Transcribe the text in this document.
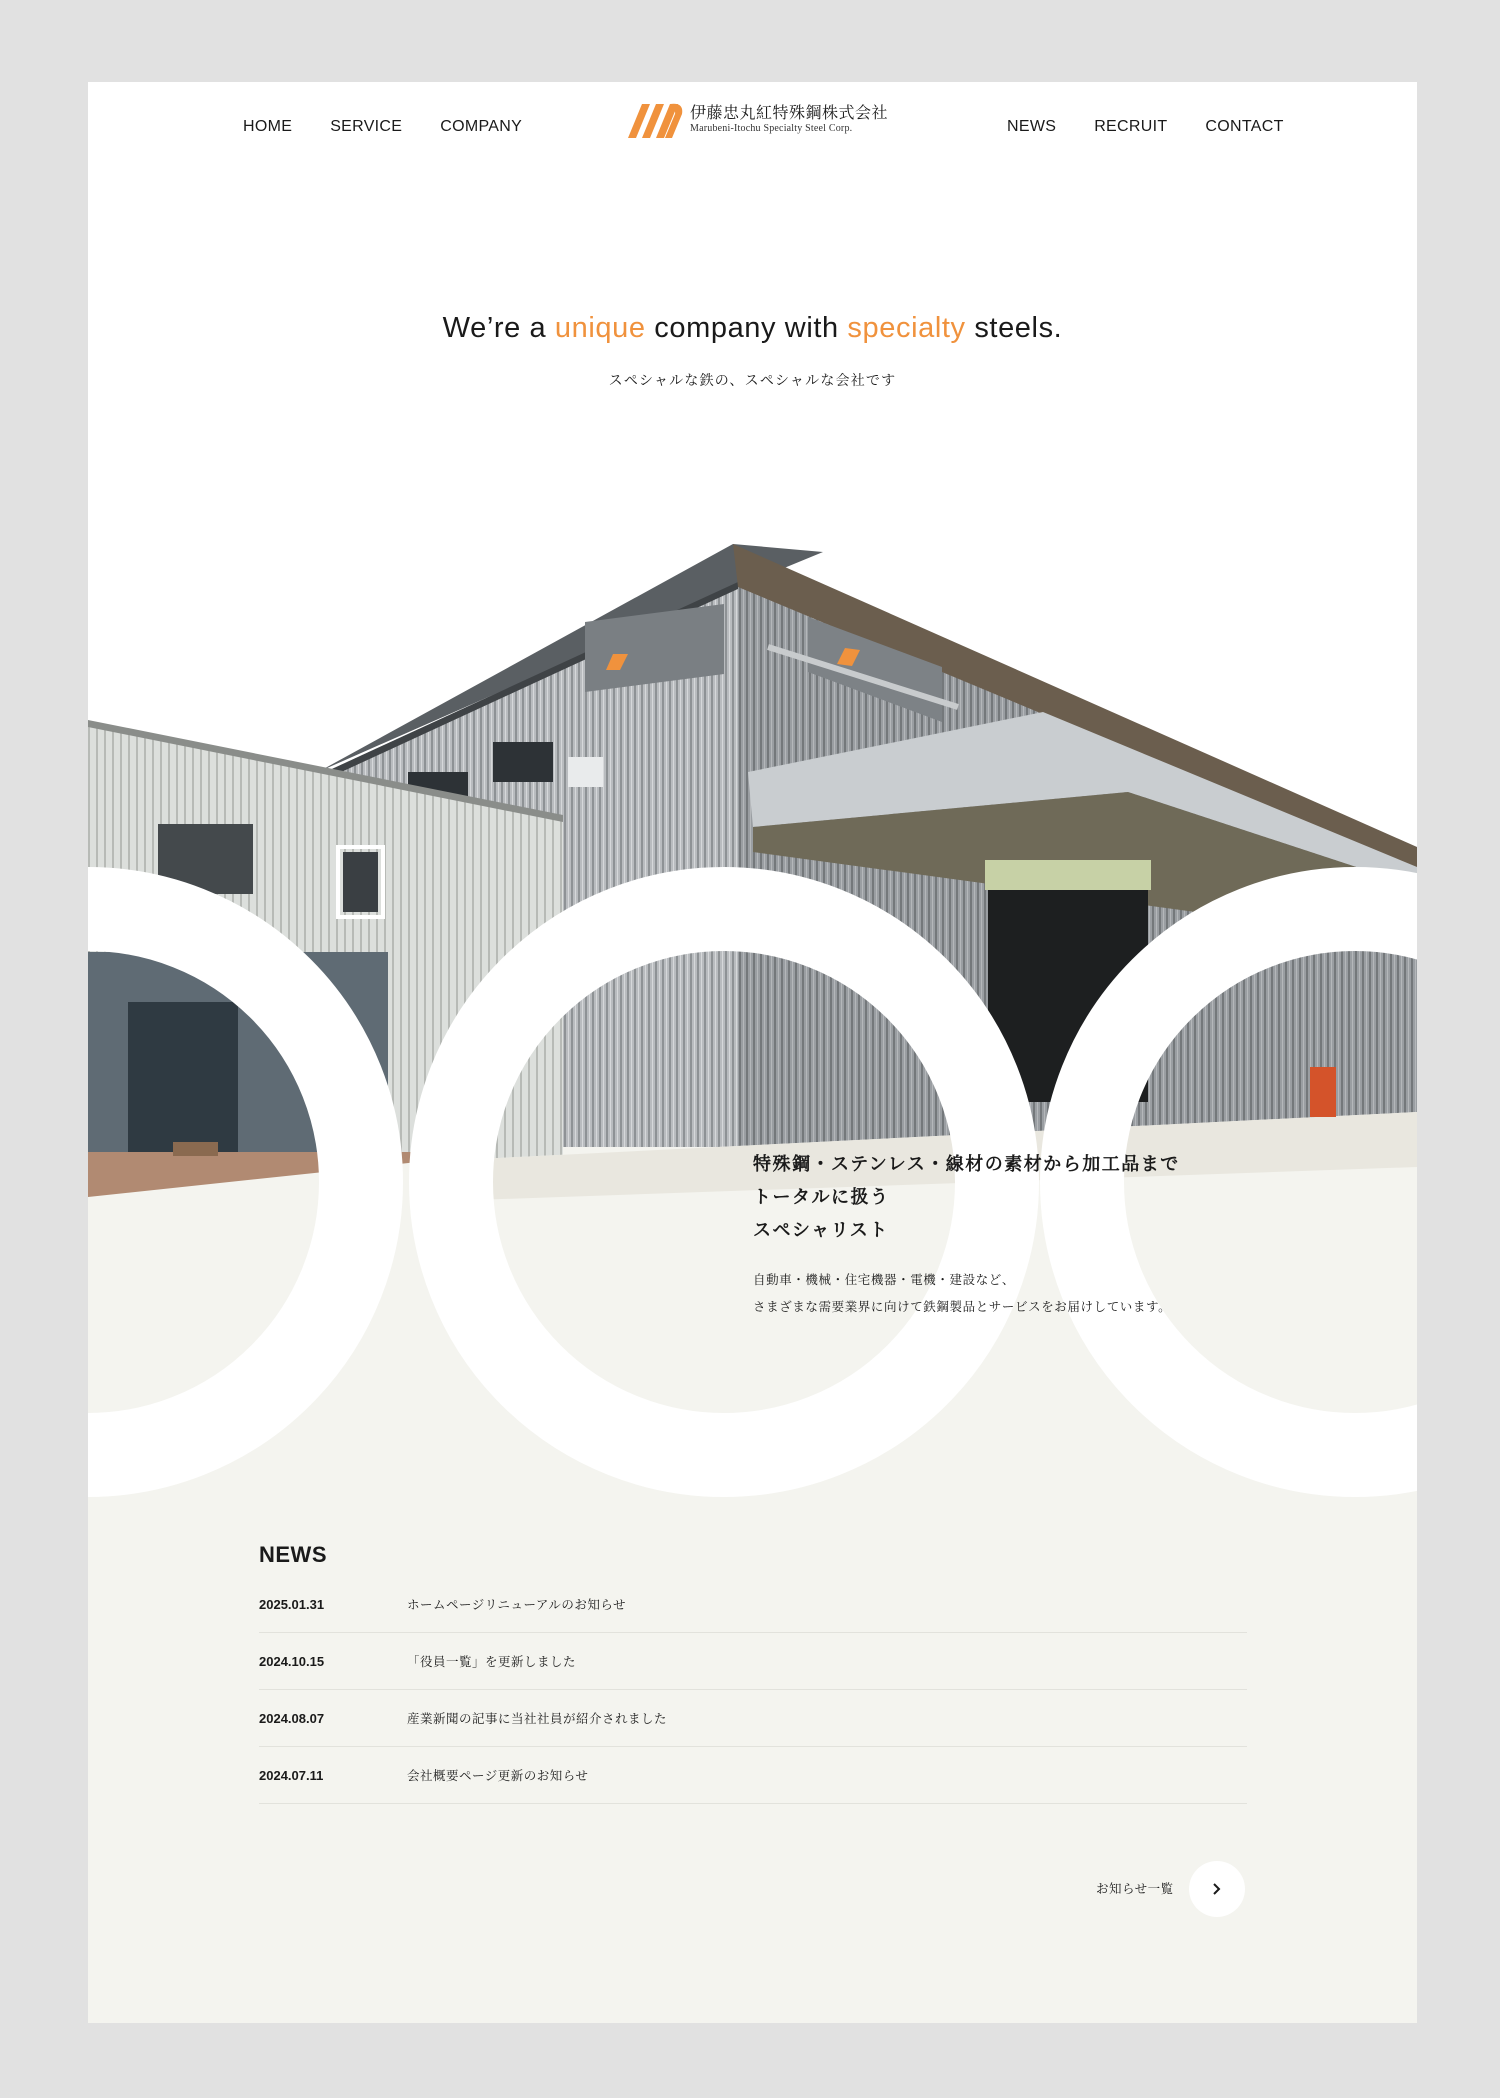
HOME SERVICE COMPANY
伊藤忠丸紅特殊鋼株式会社
Marubeni-Itochu Specialty Steel Corp.	NEWS RECRUIT CONTACT
We’re a unique company with specialty steels.
スペシャルな鉄の、スペシャルな会社です
特殊鋼・ステンレス・線材の素材から加工品まで
トータルに扱う
スペシャリスト
自動車・機械・住宅機器・電機・建設など、
さまざまな需要業界に向けて鉄鋼製品とサービスをお届けしています。
NEWS
2025.01.31	ホームページリニューアルのお知らせ
2024.10.15	「役員一覧」を更新しました
2024.08.07	産業新聞の記事に当社社員が紹介されました
2024.07.11	会社概要ページ更新のお知らせ
お知らせ一覧
